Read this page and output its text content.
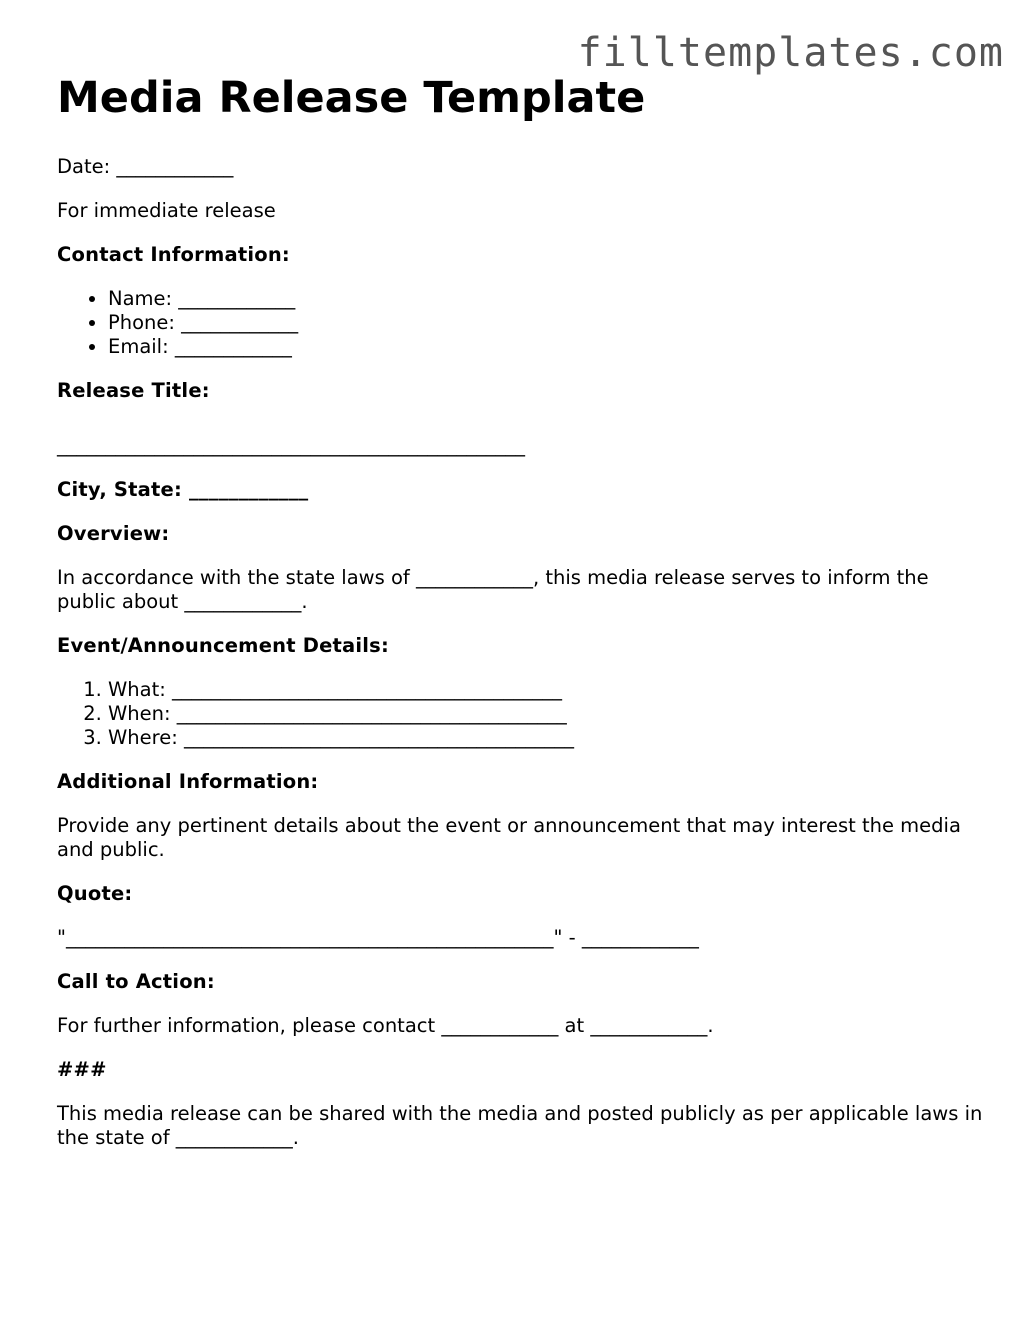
filltemplates.com
Media Release Template

Date: ____________

For immediate release

Contact Information:

• Name: ____________
• Phone: ____________
• Email: ____________

Release Title:

________________________________________________

City, State: ____________

Overview:

In accordance with the state laws of ____________, this media release serves to inform the public about ____________.

Event/Announcement Details:

1. What: ________________________________________
2. When: ________________________________________
3. Where: ________________________________________

Additional Information:

Provide any pertinent details about the event or announcement that may interest the media and public.

Quote:

"__________________________________________________" - ____________

Call to Action:

For further information, please contact ____________ at ____________.

###

This media release can be shared with the media and posted publicly as per applicable laws in the state of ____________.
